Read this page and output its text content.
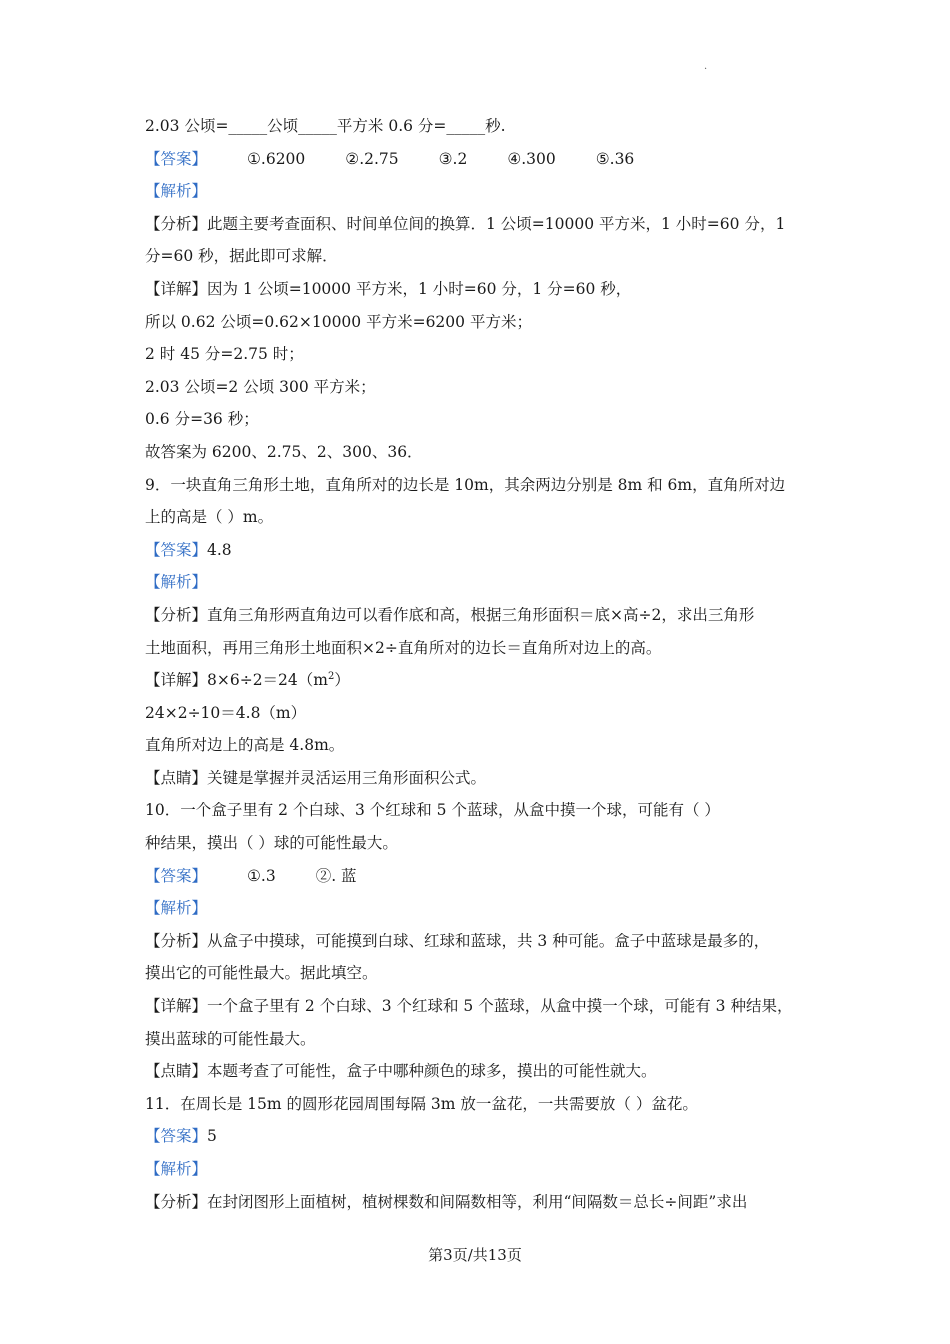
·
2.03 公顷=_____公顷_____平方米 0.6 分=_____秒.
【答案】	①.6200	②.2.75	③.2	④.300	⑤.36
【解析】
【分析】此题主要考查面积、时间单位间的换算．1 公顷=10000 平方米，1 小时=60 分，1
分=60 秒，据此即可求解．
【详解】因为 1 公顷=10000 平方米，1 小时=60 分，1 分=60 秒，
所以 0.62 公顷=0.62×10000 平方米=6200 平方米；
2 时 45 分=2.75 时；
2.03 公顷=2 公顷 300 平方米；
0.6 分=36 秒；
故答案为 6200、2.75、2、300、36．
9．一块直角三角形土地，直角所对的边长是 10m，其余两边分别是 8m 和 6m，直角所对边
上的高是（ ）m。
【答案】4.8
【解析】
【分析】直角三角形两直角边可以看作底和高，根据三角形面积＝底×高÷2，求出三角形
土地面积，再用三角形土地面积×2÷直角所对的边长＝直角所对边上的高。
【详解】$8\times 6\div 2=24(m^2)$
24×2÷10＝4.8（m）
直角所对边上的高是 4.8m。
【点睛】关键是掌握并灵活运用三角形面积公式。
10．一个盒子里有 2 个白球、3 个红球和 5 个蓝球，从盒中摸一个球，可能有（ ）
种结果，摸出（ ）球的可能性最大。
【答案】	①.3	②. 蓝
【解析】
【分析】从盒子中摸球，可能摸到白球、红球和蓝球，共 3 种可能。盒子中蓝球是最多的，
摸出它的可能性最大。据此填空。
【详解】一个盒子里有 2 个白球、3 个红球和 5 个蓝球，从盒中摸一个球，可能有 3 种结果，
摸出蓝球的可能性最大。
【点睛】本题考查了可能性，盒子中哪种颜色的球多，摸出的可能性就大。
11．在周长是 15m 的圆形花园周围每隔 3m 放一盆花，一共需要放（ ）盆花。
【答案】5
【解析】
【分析】在封闭图形上面植树，植树棵数和间隔数相等，利用“间隔数＝总长÷间距”求出
第3页/共13页
